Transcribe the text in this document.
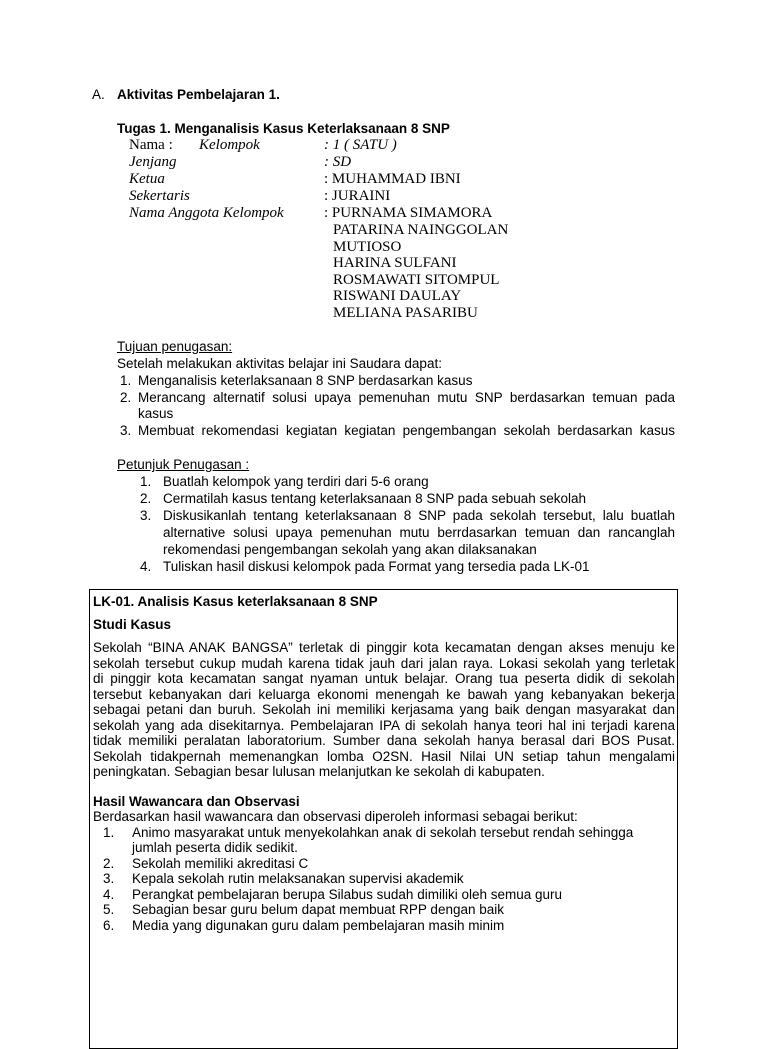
A. Aktivitas Pembelajaran 1.
Tugas 1. Menganalisis Kasus Keterlaksanaan 8 SNP
Nama : Kelompok	: 1 ( SATU )
Jenjang	: SD
Ketua	: MUHAMMAD IBNI
Sekertaris	: JURAINI
Nama Anggota Kelompok	: PURNAMA SIMAMORA
PATARINA NAINGGOLAN
MUTIOSO
HARINA SULFANI
ROSMAWATI SITOMPUL
RISWANI DAULAY
MELIANA PASARIBU
Tujuan penugasan:
Setelah melakukan aktivitas belajar ini Saudara dapat:
1. Menganalisis keterlaksanaan 8 SNP berdasarkan kasus
2. Merancang alternatif solusi upaya pemenuhan mutu SNP berdasarkan temuan pada
kasus
3. Membuat rekomendasi kegiatan kegiatan pengembangan sekolah berdasarkan kasus
Petunjuk Penugasan :
1. Buatlah kelompok yang terdiri dari 5-6 orang
2. Cermatilah kasus tentang keterlaksanaan 8 SNP pada sebuah sekolah
3. Diskusikanlah tentang keterlaksanaan 8 SNP pada sekolah tersebut, lalu buatlah
alternative solusi upaya pemenuhan mutu berrdasarkan temuan dan rancanglah
rekomendasi pengembangan sekolah yang akan dilaksanakan
4. Tuliskan hasil diskusi kelompok pada Format yang tersedia pada LK-01
LK-01. Analisis Kasus keterlaksanaan 8 SNP
Studi Kasus
Sekolah “BINA ANAK BANGSA” terletak di pinggir kota kecamatan dengan akses menuju ke
sekolah tersebut cukup mudah karena tidak jauh dari jalan raya. Lokasi sekolah yang terletak
di pinggir kota kecamatan sangat nyaman untuk belajar. Orang tua peserta didik di sekolah
tersebut kebanyakan dari keluarga ekonomi menengah ke bawah yang kebanyakan bekerja
sebagai petani dan buruh. Sekolah ini memiliki kerjasama yang baik dengan masyarakat dan
sekolah yang ada disekitarnya. Pembelajaran IPA di sekolah hanya teori hal ini terjadi karena
tidak memiliki peralatan laboratorium. Sumber dana sekolah hanya berasal dari BOS Pusat.
Sekolah tidakpernah memenangkan lomba O2SN. Hasil Nilai UN setiap tahun mengalami
peningkatan. Sebagian besar lulusan melanjutkan ke sekolah di kabupaten.
Hasil Wawancara dan Observasi
Berdasarkan hasil wawancara dan observasi diperoleh informasi sebagai berikut:
1. Animo masyarakat untuk menyekolahkan anak di sekolah tersebut rendah sehingga
jumlah peserta didik sedikit.
2. Sekolah memiliki akreditasi C
3. Kepala sekolah rutin melaksanakan supervisi akademik
4. Perangkat pembelajaran berupa Silabus sudah dimiliki oleh semua guru
5. Sebagian besar guru belum dapat membuat RPP dengan baik
6. Media yang digunakan guru dalam pembelajaran masih minim
